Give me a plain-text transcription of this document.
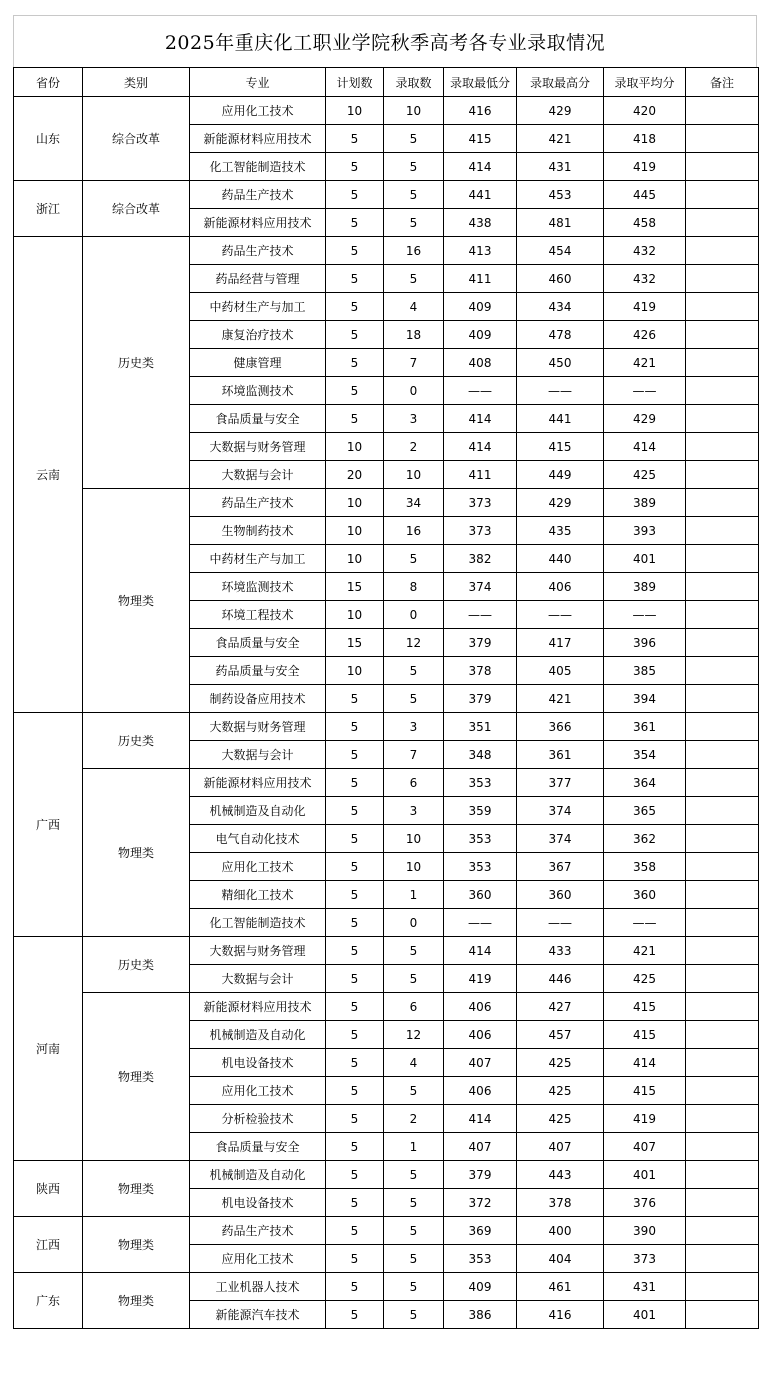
2025年重庆化工职业学院秋季高考各专业录取情况
省份	类别	专业	计划数	录取数	录取最低分	录取最高分	录取平均分	备注
山东	综合改革	应用化工技术	10	10	416	429	420	
		新能源材料应用技术	5	5	415	421	418	
		化工智能制造技术	5	5	414	431	419	
浙江	综合改革	药品生产技术	5	5	441	453	445	
		新能源材料应用技术	5	5	438	481	458	
云南	历史类	药品生产技术	5	16	413	454	432	
		药品经营与管理	5	5	411	460	432	
		中药材生产与加工	5	4	409	434	419	
		康复治疗技术	5	18	409	478	426	
		健康管理	5	7	408	450	421	
		环境监测技术	5	0	——	——	——	
		食品质量与安全	5	3	414	441	429	
		大数据与财务管理	10	2	414	415	414	
		大数据与会计	20	10	411	449	425	
	物理类	药品生产技术	10	34	373	429	389	
		生物制药技术	10	16	373	435	393	
		中药材生产与加工	10	5	382	440	401	
		环境监测技术	15	8	374	406	389	
		环境工程技术	10	0	——	——	——	
		食品质量与安全	15	12	379	417	396	
		药品质量与安全	10	5	378	405	385	
		制药设备应用技术	5	5	379	421	394	
广西	历史类	大数据与财务管理	5	3	351	366	361	
		大数据与会计	5	7	348	361	354	
	物理类	新能源材料应用技术	5	6	353	377	364	
		机械制造及自动化	5	3	359	374	365	
		电气自动化技术	5	10	353	374	362	
		应用化工技术	5	10	353	367	358	
		精细化工技术	5	1	360	360	360	
		化工智能制造技术	5	0	——	——	——	
河南	历史类	大数据与财务管理	5	5	414	433	421	
		大数据与会计	5	5	419	446	425	
	物理类	新能源材料应用技术	5	6	406	427	415	
		机械制造及自动化	5	12	406	457	415	
		机电设备技术	5	4	407	425	414	
		应用化工技术	5	5	406	425	415	
		分析检验技术	5	2	414	425	419	
		食品质量与安全	5	1	407	407	407	
陕西	物理类	机械制造及自动化	5	5	379	443	401	
		机电设备技术	5	5	372	378	376	
江西	物理类	药品生产技术	5	5	369	400	390	
		应用化工技术	5	5	353	404	373	
广东	物理类	工业机器人技术	5	5	409	461	431	
		新能源汽车技术	5	5	386	416	401	
